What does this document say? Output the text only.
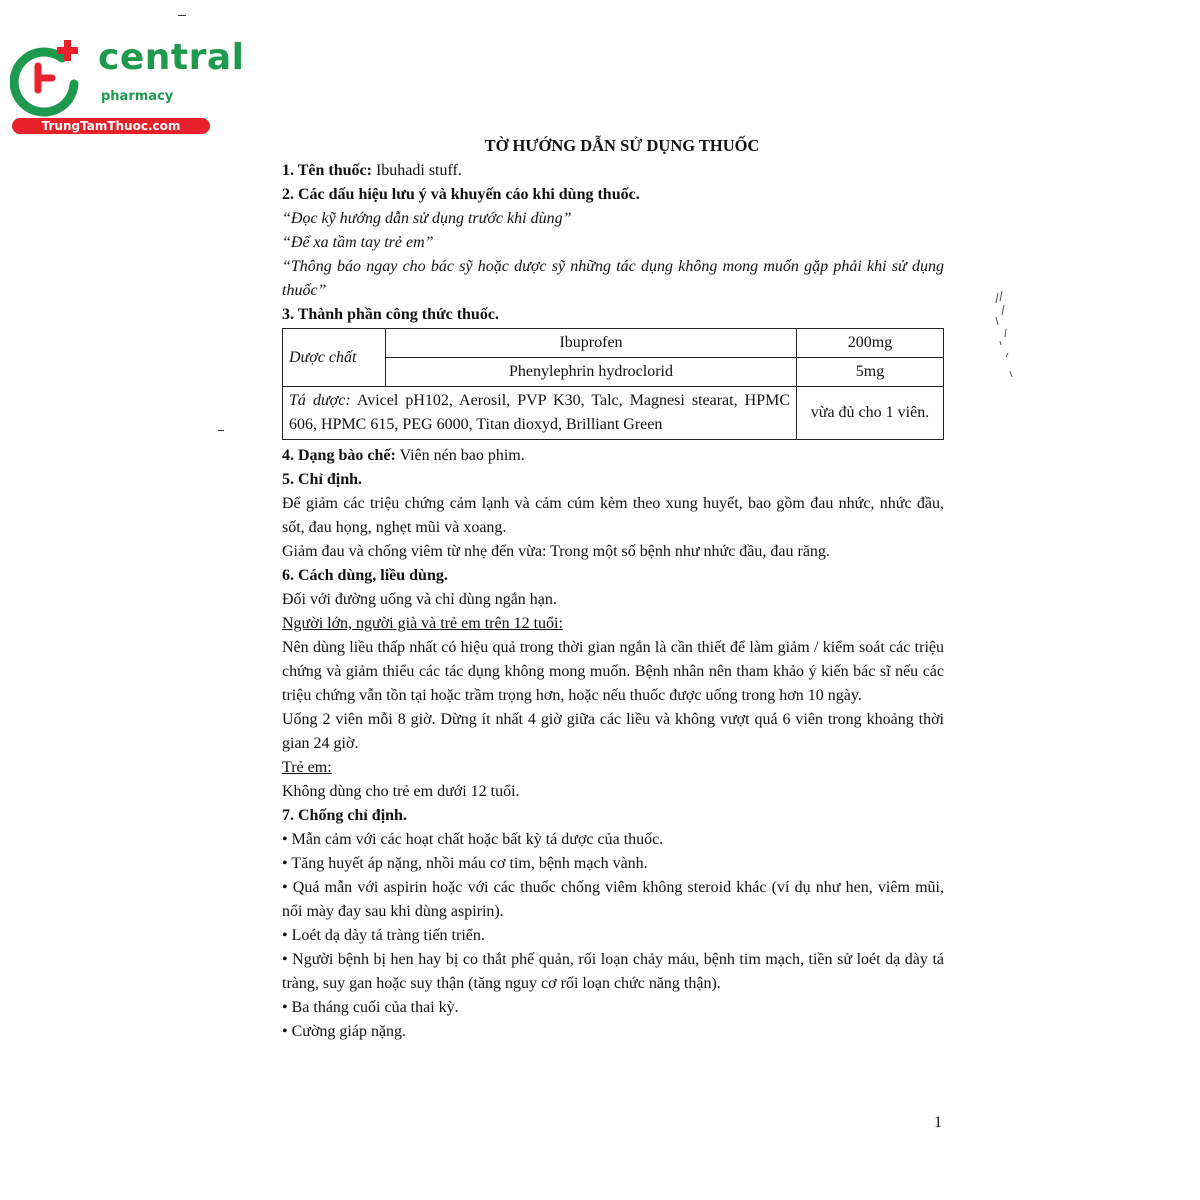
central
pharmacy
TrungTamThuoc.com

TỜ HƯỚNG DẪN SỬ DỤNG THUỐC

1. Tên thuốc: Ibuhadi stuff.

2. Các dấu hiệu lưu ý và khuyến cáo khi dùng thuốc.

“Đọc kỹ hướng dẫn sử dụng trước khi dùng”

“Để xa tầm tay trẻ em”

“Thông báo ngay cho bác sỹ hoặc dược sỹ những tác dụng không mong muốn gặp phải khi sử dụng thuốc”

3. Thành phần công thức thuốc.

Dược chất	Ibuprofen	200mg
	Phenylephrin hydroclorid	5mg
Tá dược: Avicel pH102, Aerosil, PVP K30, Talc, Magnesi stearat, HPMC 606, HPMC 615, PEG 6000, Titan dioxyd, Brilliant Green		vừa đủ cho 1 viên.

4. Dạng bào chế: Viên nén bao phim.

5. Chỉ định.

Để giảm các triệu chứng cảm lạnh và cảm cúm kèm theo xung huyết, bao gồm đau nhức, nhức đầu, sốt, đau họng, nghẹt mũi và xoang.

Giảm đau và chống viêm từ nhẹ đến vừa: Trong một số bệnh như nhức đầu, đau răng.

6. Cách dùng, liều dùng.

Đối với đường uống và chỉ dùng ngắn hạn.

Người lớn, người già và trẻ em trên 12 tuổi:

Nên dùng liều thấp nhất có hiệu quả trong thời gian ngắn là cần thiết để làm giảm / kiểm soát các triệu chứng và giảm thiểu các tác dụng không mong muốn. Bệnh nhân nên tham khảo ý kiến bác sĩ nếu các triệu chứng vẫn tồn tại hoặc trầm trọng hơn, hoặc nếu thuốc được uống trong hơn 10 ngày.

Uống 2 viên mỗi 8 giờ. Dừng ít nhất 4 giờ giữa các liều và không vượt quá 6 viên trong khoảng thời gian 24 giờ.

Trẻ em:

Không dùng cho trẻ em dưới 12 tuổi.

7. Chống chỉ định.

• Mẫn cảm với các hoạt chất hoặc bất kỳ tá dược của thuốc.

• Tăng huyết áp nặng, nhồi máu cơ tim, bệnh mạch vành.

• Quá mẫn với aspirin hoặc với các thuốc chống viêm không steroid khác (ví dụ như hen, viêm mũi, nổi mày đay sau khi dùng aspirin).

• Loét dạ dày tá tràng tiến triển.

• Người bệnh bị hen hay bị co thắt phế quản, rối loạn chảy máu, bệnh tim mạch, tiền sử loét dạ dày tá tràng, suy gan hoặc suy thận (tăng nguy cơ rối loạn chức năng thận).

• Ba tháng cuối của thai kỳ.

• Cường giáp nặng.

1
